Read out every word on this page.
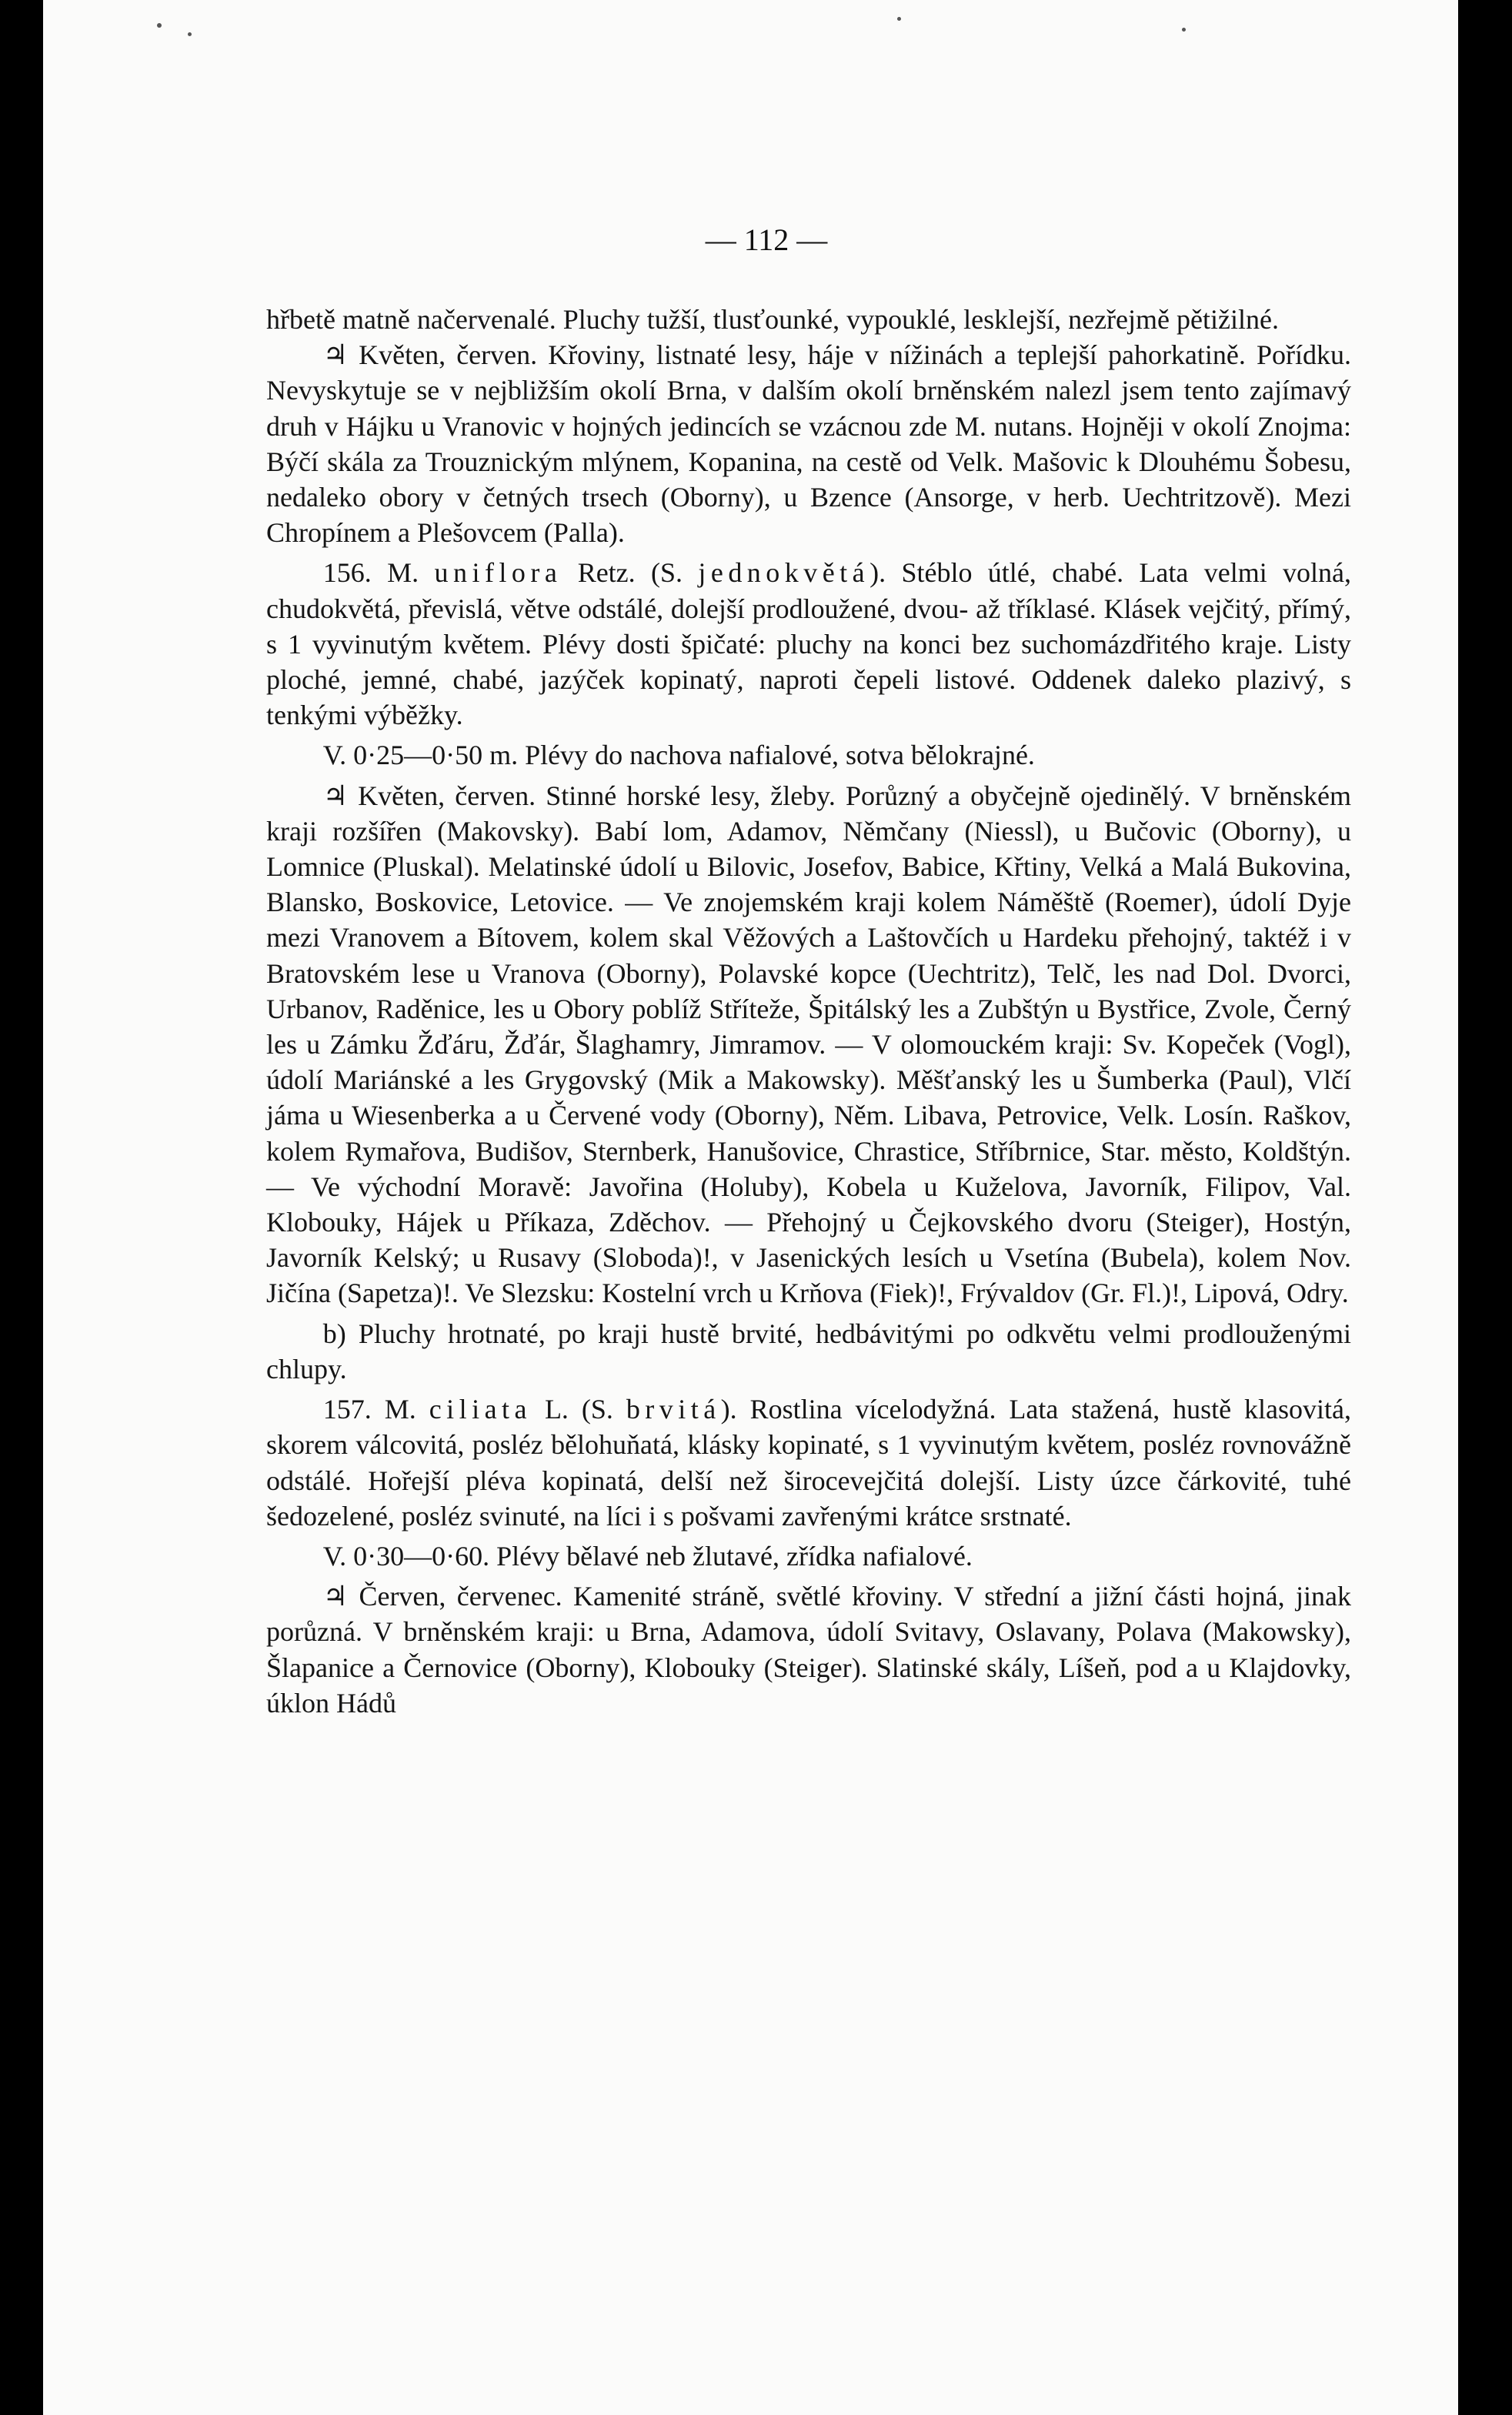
— 112 —

hřbetě matně načervenalé. Pluchy tužší, tlusťounké, vypouklé, lesklejší, nezřejmě pětižilné.

♃ Květen, červen. Křoviny, listnaté lesy, háje v nížinách a teplejší pahorkatině. Pořídku. Nevyskytuje se v nejbližším okolí Brna, v dalším okolí brněnském nalezl jsem tento zajímavý druh v Hájku u Vranovic v hojných jedincích se vzácnou zde M. nutans. Hojněji v okolí Znojma: Býčí skála za Trouznickým mlýnem, Kopanina, na cestě od Velk. Mašovic k Dlouhému Šobesu, nedaleko obory v četných trsech (Oborny), u Bzence (Ansorge, v herb. Uechtritzově). Mezi Chropínem a Plešovcem (Palla).

156. M. uniflora Retz. (S. jednokvětá). Stéblo útlé, chabé. Lata velmi volná, chudokvětá, převislá, větve odstálé, dolejší prodloužené, dvou- až tříklasé. Klásek vejčitý, přímý, s 1 vyvinutým květem. Plévy dosti špičaté: pluchy na konci bez suchomázdřitého kraje. Listy ploché, jemné, chabé, jazýček kopinatý, naproti čepeli listové. Oddenek daleko plazivý, s tenkými výběžky.

V. 0·25—0·50 m. Plévy do nachova nafialové, sotva bělokrajné.

♃ Květen, červen. Stinné horské lesy, žleby. Porůzný a obyčejně ojediněl‍ý. V brněnském kraji rozšířen (Makovsky). Babí lom, Adamov, Němčany (Niessl), u Bučovic (Oborny), u Lomnice (Pluskal). Melatinské údolí u Bilovic, Josefov, Babice, Křtiny, Velká a Malá Bukovina, Blansko, Boskovice, Letovice. — Ve znojemském kraji kolem Náměště (Roemer), údolí Dyje mezi Vranovem a Bítovem, kolem skal Věžových a Laštovčích u Hardeku přehojný, taktéž i v Bratovském lese u Vranova (Oborny), Polavské kopce (Uechtritz), Telč, les nad Dol. Dvorci, Urbanov, Raděnice, les u Obory poblíž Stříteže, Špitálský les a Zubštýn u Bystřice, Zvole, Černý les u Zámku Žďáru, Žďár, Šlaghamry, Jimramov. — V olomouckém kraji: Sv. Kopeček (Vogl), údolí Mariánské a les Grygovský (Mik a Makowsky). Měšťanský les u Šumberka (Paul), Vlčí jáma u Wiesenberka a u Červené vody (Oborny), Něm. Libava, Petrovice, Velk. Losín. Raškov, kolem Rymařova, Budišov, Sternberk, Hanušovice, Chrastice, Stříbrnice, Star. město, Koldštýn. — Ve východní Moravě: Javořina (Holuby), Kobela u Kuželova, Javorník, Filipov, Val. Klobouky, Hájek u Příkaza, Zděchov. — Přehojný u Čejkovského dvoru (Steiger), Hostýn, Javorník Kelský; u Rusavy (Sloboda)!, v Jasenických lesích u Vsetína (Bubela), kolem Nov. Jičína (Sapetza)!. Ve Slezsku: Kostelní vrch u Krňova (Fiek)!, Frývaldov (Gr. Fl.)!, Lipová, Odry.

b) Pluchy hrotnaté, po kraji hustě brvité, hedbávitými po odkvětu velmi prodlouženými chlupy.

157. M. ciliata L. (S. brvitá). Rostlina vícelodyžná. Lata stažená, hustě klasovitá, skorem válcovitá, posléz bělohuňatá, klásky kopinaté, s 1 vyvinutým květem, posléz rovnovážně odstálé. Hořejší pléva kopinatá, delší než širocevejčitá dolejší. Listy úzce čárkovité, tuhé šedozelené, posléz svinuté, na líci i s pošvami zavřenými krátce srstnaté.

V. 0·30—0·60. Plévy bělavé neb žlutavé, zřídka nafialové.

♃ Červen, červenec. Kamenité stráně, světlé křoviny. V střední a jižní části hojná, jinak porůzná. V brněnském kraji: u Brna, Adamova, údolí Svitavy, Oslavany, Polava (Makowsky), Šlapanice a Černovice (Oborny), Klobouky (Steiger). Slatinské skály, Líšeň, pod a u Klajdovky, úklon Hádů
